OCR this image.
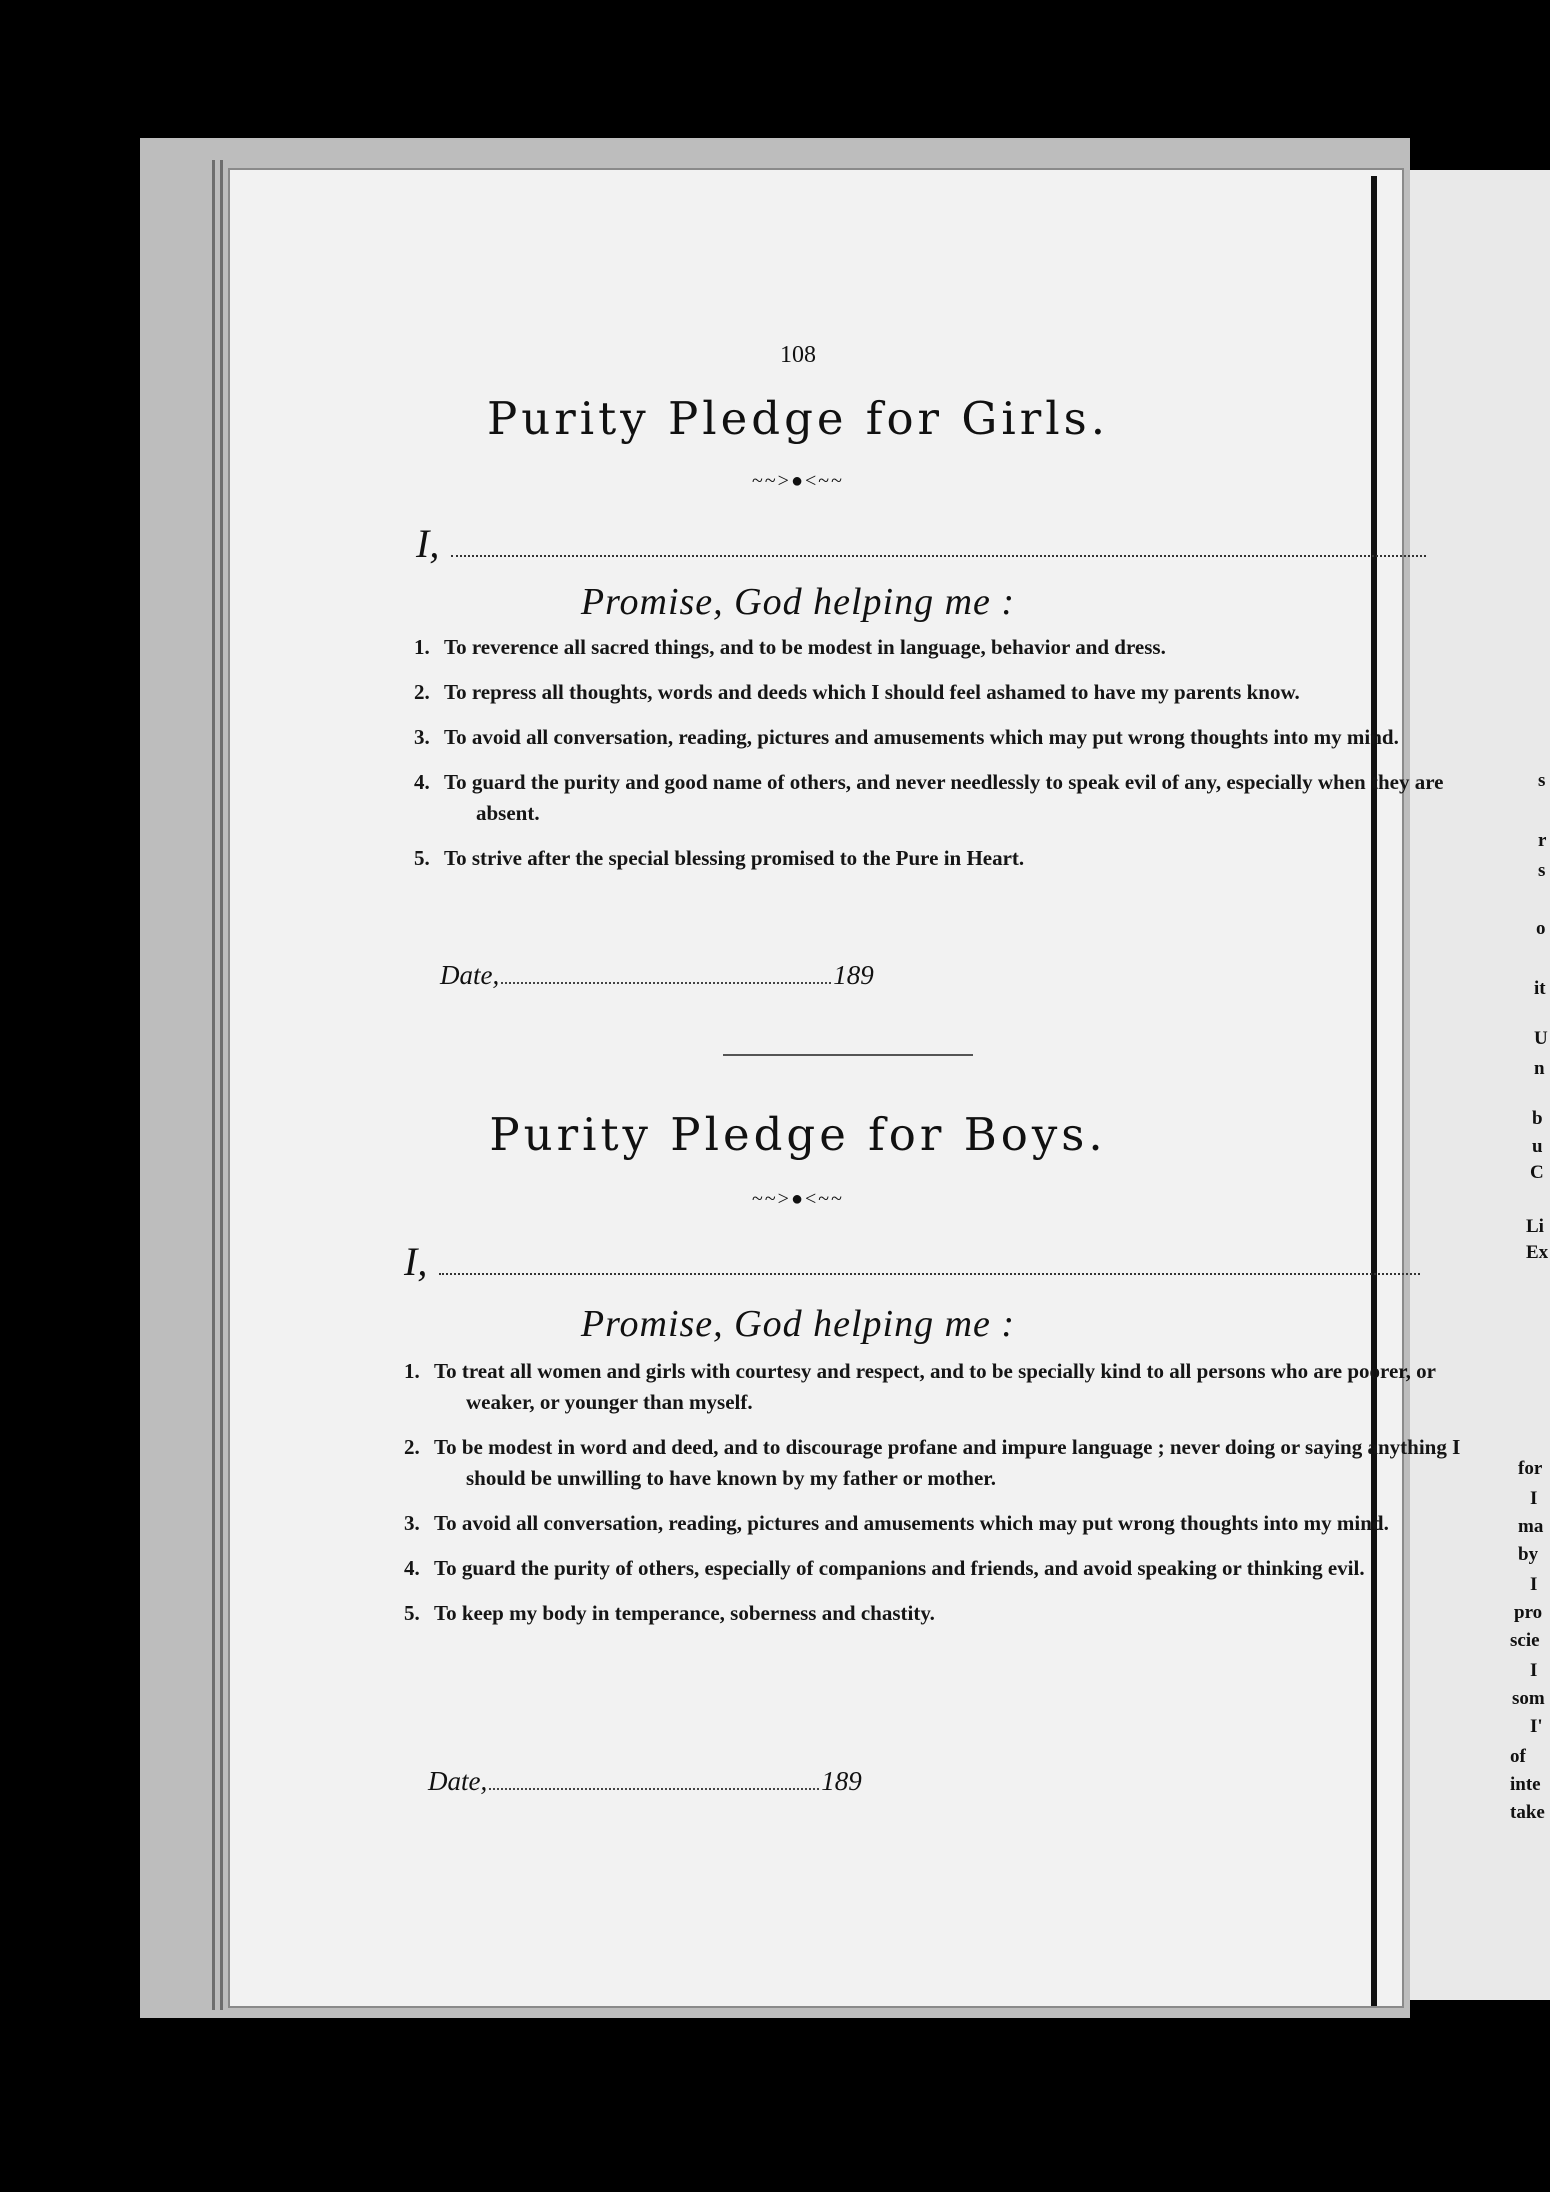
s
r
s
o
it
U
n
b
u
C
Li
Ex
for
I
ma
by
I
pro
scie
I
som
I'
of
inte
take
108
Purity Pledge for Girls.
~~>●<~~
I,
Promise, God helping me :
1. To reverence all sacred things, and to be modest in language, behavior and dress.
2. To repress all thoughts, words and deeds which I should feel ashamed to have my parents know.
3. To avoid all conversation, reading, pictures and amusements which may put wrong thoughts into my mind.
4. To guard the purity and good name of others, and never needlessly to speak evil of any, especially when they are absent.
5. To strive after the special blessing promised to the Pure in Heart.
Date,	189
Purity Pledge for Boys.
~~>●<~~
I,
Promise, God helping me :
1. To treat all women and girls with courtesy and respect, and to be specially kind to all persons who are poorer, or weaker, or younger than myself.
2. To be modest in word and deed, and to discourage profane and impure language ; never doing or saying anything I should be unwilling to have known by my father or mother.
3. To avoid all conversation, reading, pictures and amusements which may put wrong thoughts into my mind.
4. To guard the purity of others, especially of companions and friends, and avoid speaking or thinking evil.
5. To keep my body in temperance, soberness and chastity.
Date,	189
